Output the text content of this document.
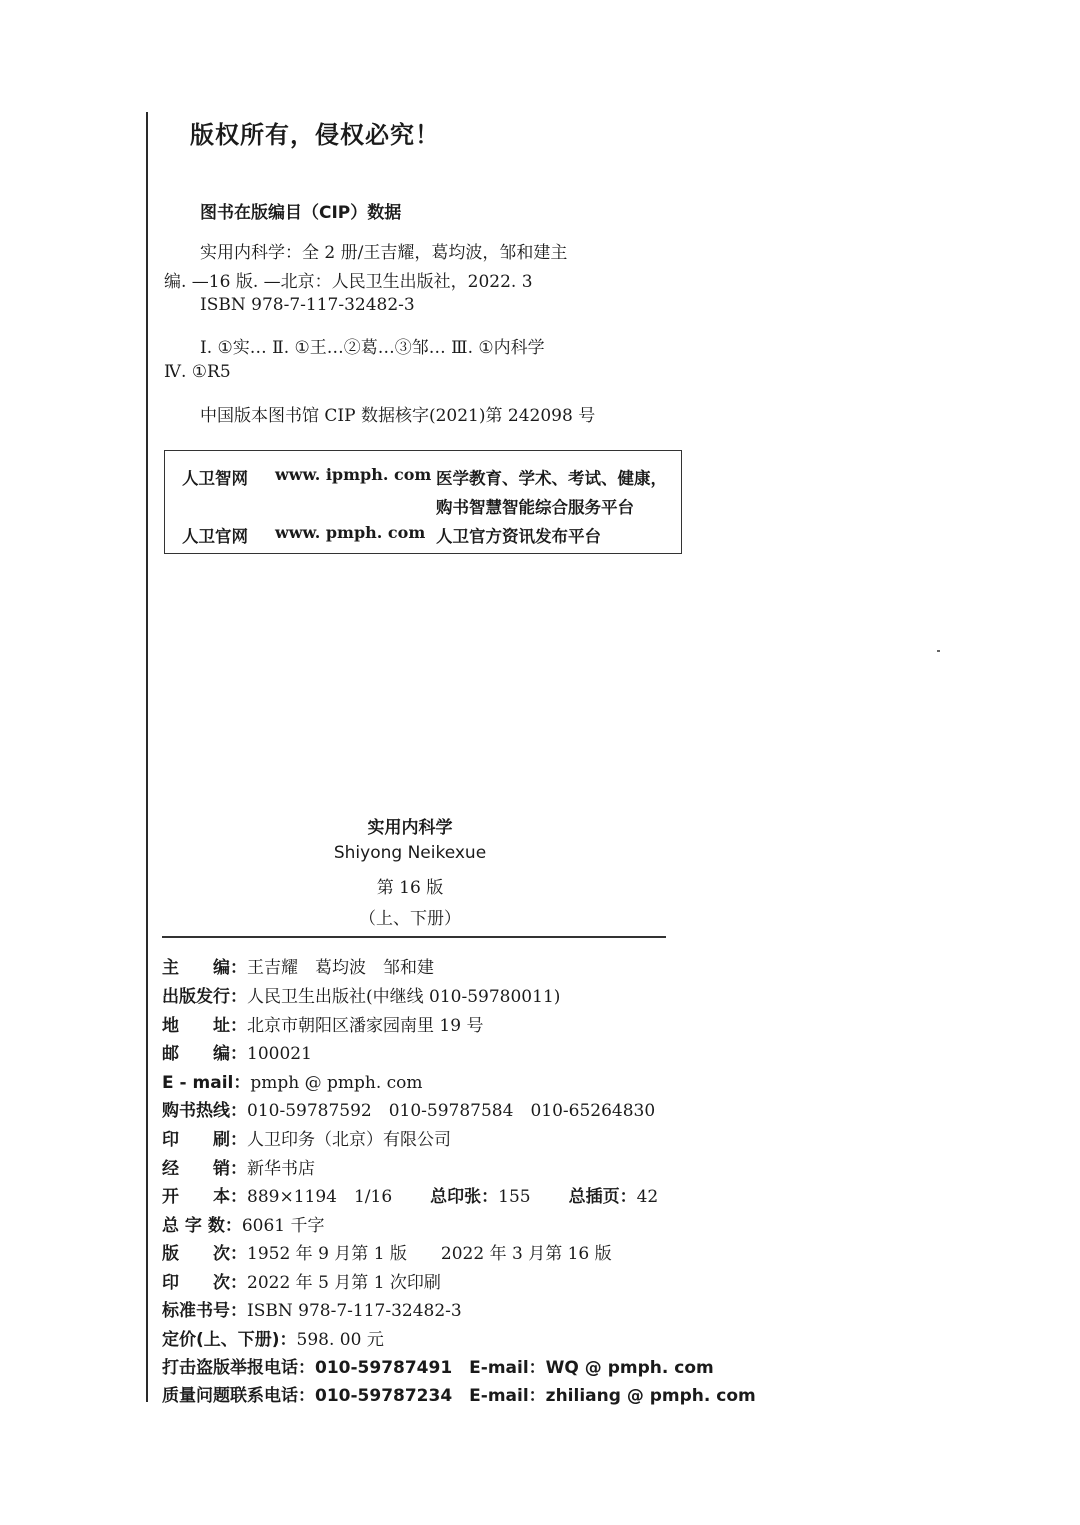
版权所有，侵权必究！
图书在版编目（CIP）数据
实用内科学：全 2 册/王吉耀，葛均波，邹和建主
编. —16 版. —北京：人民卫生出版社，2022. 3
ISBN 978-7-117-32482-3
Ⅰ. ①实… Ⅱ. ①王…②葛…③邹… Ⅲ. ①内科学
Ⅳ. ①R5
中国版本图书馆 CIP 数据核字(2021)第 242098 号
人卫智网 www. ipmph. com 医学教育、学术、考试、健康，
购书智慧智能综合服务平台
人卫官网 www. pmph. com 人卫官方资讯发布平台
实用内科学
Shiyong Neikexue
第 16 版
（上、下册）
主　　编：王吉耀　葛均波　邹和建
出版发行：人民卫生出版社(中继线 010-59780011)
地　　址：北京市朝阳区潘家园南里 19 号
邮　　编：100021
E - mail：pmph @ pmph. com
购书热线：010-59787592　010-59787584　010-65264830
印　　刷：人卫印务（北京）有限公司
经　　销：新华书店
开　　本：889×1194　1/16 总印张：155 总插页：42
总 字 数：6061 千字
版　　次：1952 年 9 月第 1 版　　2022 年 3 月第 16 版
印　　次：2022 年 5 月第 1 次印刷
标准书号：ISBN 978-7-117-32482-3
定价(上、下册)：598. 00 元
打击盗版举报电话：010-59787491　E-mail：WQ @ pmph. com
质量问题联系电话：010-59787234　E-mail：zhiliang @ pmph. com
